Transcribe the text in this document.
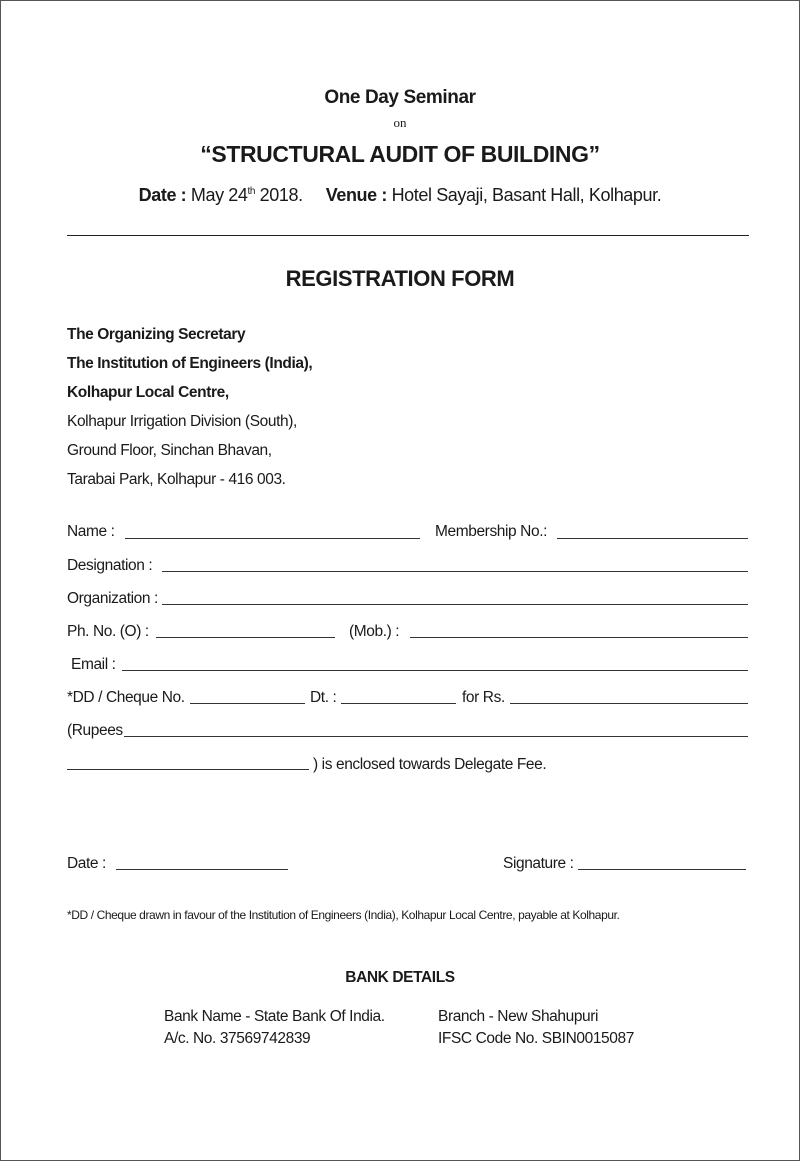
One Day Seminar
on
“STRUCTURAL AUDIT OF BUILDING”
Date : May 24th 2018. Venue : Hotel Sayaji, Basant Hall, Kolhapur.
REGISTRATION FORM
The Organizing Secretary
The Institution of Engineers (India),
Kolhapur Local Centre,
Kolhapur Irrigation Division (South),
Ground Floor, Sinchan Bhavan,
Tarabai Park, Kolhapur - 416 003.
Name :	Membership No.:
Designation :
Organization :
Ph. No. (O) :	(Mob.) :
Email :
*DD / Cheque No.	Dt. :	for Rs.
(Rupees
) is enclosed towards Delegate Fee.
Date :	Signature :
*DD / Cheque drawn in favour of the Institution of Engineers (India), Kolhapur Local Centre, payable at Kolhapur.
BANK DETAILS
Bank Name - State Bank Of India.	Branch - New Shahupuri
A/c. No. 37569742839	IFSC Code No. SBIN0015087
